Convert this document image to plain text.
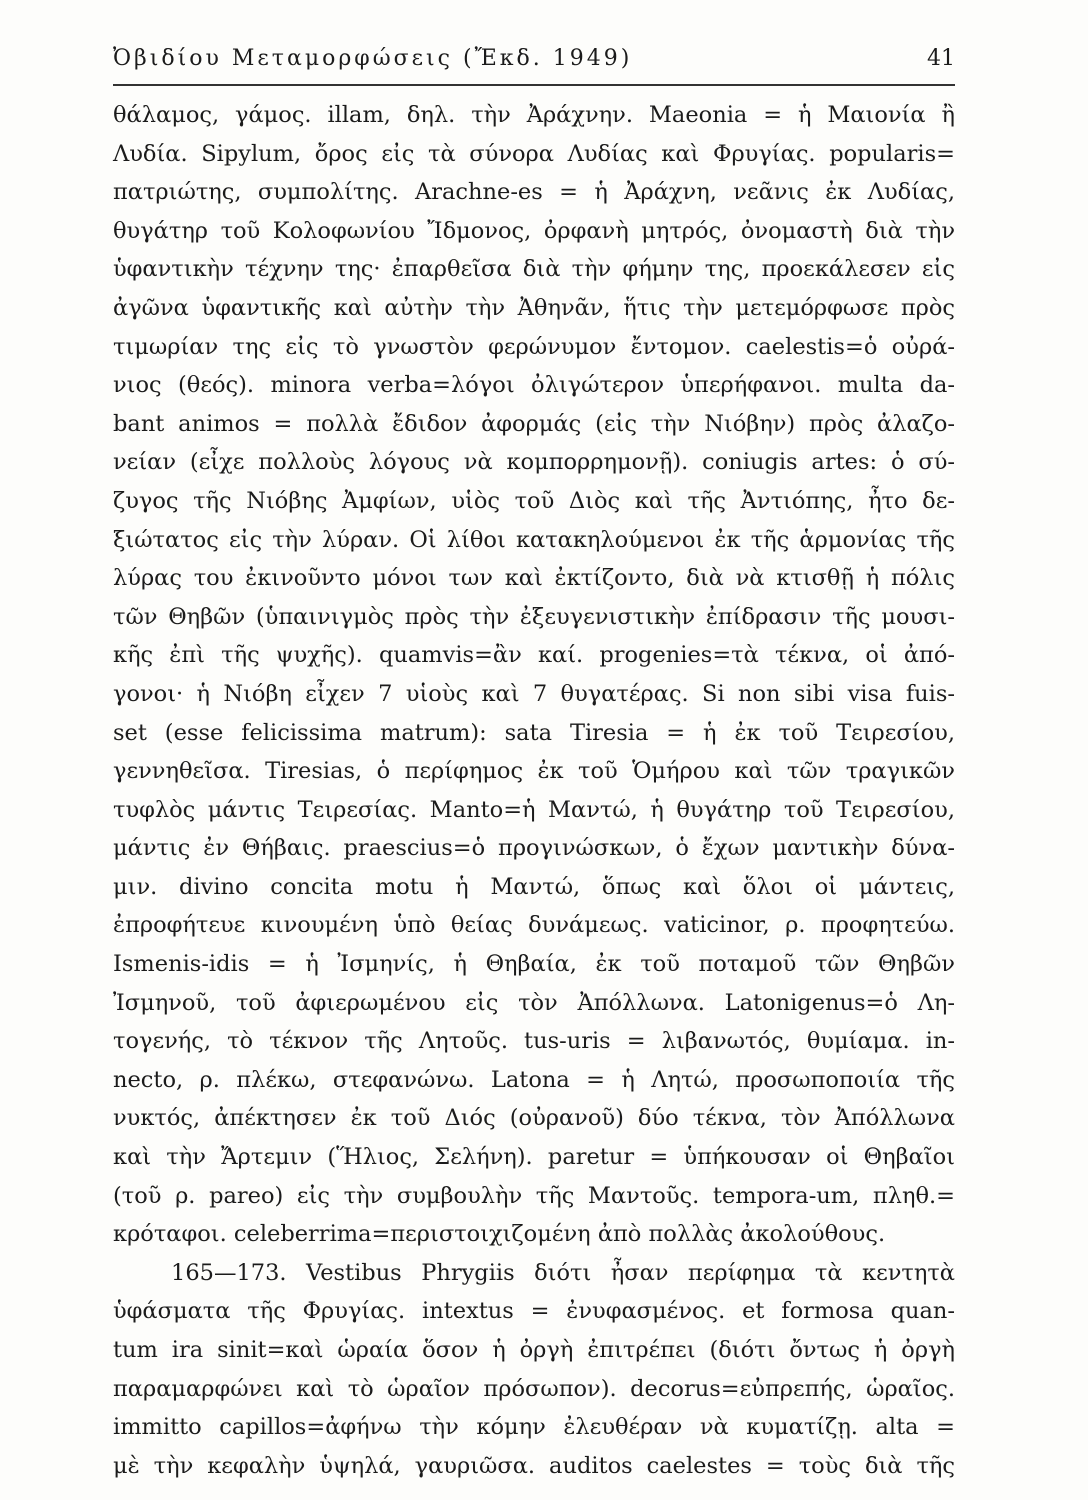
Ὀβιδίου Μεταμορφώσεις (Ἔκδ. 1949)	41
θάλαμος, γάμος. illam, δηλ. τὴν Ἀράχνην. Maeonia = ἡ Μαιονία ἢ
Λυδία. Sipylum, ὄρος εἰς τὰ σύνορα Λυδίας καὶ Φρυγίας. popularis=
πατριώτης, συμπολίτης. Arachne-es = ἡ Ἀράχνη, νεᾶνις ἐκ Λυδίας,
θυγάτηρ τοῦ Κολοφωνίου Ἴδμονος, ὀρφανὴ μητρός, ὀνομαστὴ διὰ τὴν
ὑφαντικὴν τέχνην της· ἐπαρθεῖσα διὰ τὴν φήμην της, προεκάλεσεν εἰς
ἀγῶνα ὑφαντικῆς καὶ αὐτὴν τὴν Ἀθηνᾶν, ἥτις τὴν μετεμόρφωσε πρὸς
τιμωρίαν της εἰς τὸ γνωστὸν φερώνυμον ἔντομον. caelestis=ὁ οὐρά-
νιος (θεός). minora verba=λόγοι ὀλιγώτερον ὑπερήφανοι. multa da-
bant animos = πολλὰ ἔδιδον ἀφορμάς (εἰς τὴν Νιόβην) πρὸς ἀλαζο-
νείαν (εἶχε πολλοὺς λόγους νὰ κομπορρημονῇ). coniugis artes: ὁ σύ-
ζυγος τῆς Νιόβης Ἀμφίων, υἱὸς τοῦ Διὸς καὶ τῆς Ἀντιόπης, ἦτο δε-
ξιώτατος εἰς τὴν λύραν. Οἱ λίθοι κατακηλούμενοι ἐκ τῆς ἁρμονίας τῆς
λύρας του ἐκινοῦντο μόνοι των καὶ ἐκτίζοντο, διὰ νὰ κτισθῇ ἡ πόλις
τῶν Θηβῶν (ὑπαινιγμὸς πρὸς τὴν ἐξευγενιστικὴν ἐπίδρασιν τῆς μουσι-
κῆς ἐπὶ τῆς ψυχῆς). quamvis=ἂν καί. progenies=τὰ τέκνα, οἱ ἀπό-
γονοι· ἡ Νιόβη εἶχεν 7 υἱοὺς καὶ 7 θυγατέρας. Si non sibi visa fuis-
set (esse felicissima matrum): sata Tiresia = ἡ ἐκ τοῦ Τειρεσίου,
γεννηθεῖσα. Tiresias, ὁ περίφημος ἐκ τοῦ Ὁμήρου καὶ τῶν τραγικῶν
τυφλὸς μάντις Τειρεσίας. Manto=ἡ Μαντώ, ἡ θυγάτηρ τοῦ Τειρεσίου,
μάντις ἐν Θήβαις. praescius=ὁ προγινώσκων, ὁ ἔχων μαντικὴν δύνα-
μιν. divino concita motu ἡ Μαντώ, ὅπως καὶ ὅλοι οἱ μάντεις,
ἐπροφήτευε κινουμένη ὑπὸ θείας δυνάμεως. vaticinor, ρ. προφητεύω.
Ismenis-idis = ἡ Ἰσμηνίς, ἡ Θηβαία, ἐκ τοῦ ποταμοῦ τῶν Θηβῶν
Ἰσμηνοῦ, τοῦ ἀφιερωμένου εἰς τὸν Ἀπόλλωνα. Latonigenus=ὁ Λη-
τογενής, τὸ τέκνον τῆς Λητοῦς. tus-uris = λιβανωτός, θυμίαμα. in-
necto, ρ. πλέκω, στεφανώνω. Latona = ἡ Λητώ, προσωποποιία τῆς
νυκτός, ἀπέκτησεν ἐκ τοῦ Διός (οὐρανοῦ) δύο τέκνα, τὸν Ἀπόλλωνα
καὶ τὴν Ἄρτεμιν (Ἥλιος, Σελήνη). paretur = ὑπήκουσαν οἱ Θηβαῖοι
(τοῦ ρ. pareo) εἰς τὴν συμβουλὴν τῆς Μαντοῦς. tempora-um, πληθ.=
κρόταφοι. celeberrima=περιστοιχιζομένη ἀπὸ πολλὰς ἀκολούθους.
165—173. Vestibus Phrygiis διότι ἦσαν περίφημα τὰ κεντητὰ
ὑφάσματα τῆς Φρυγίας. intextus = ἐνυφασμένος. et formosa quan-
tum ira sinit=καὶ ὡραία ὅσον ἡ ὀργὴ ἐπιτρέπει (διότι ὄντως ἡ ὀργὴ
παραμαρφώνει καὶ τὸ ὡραῖον πρόσωπον). decorus=εὐπρεπής, ὡραῖος.
immitto capillos=ἀφήνω τὴν κόμην ἐλευθέραν νὰ κυματίζῃ. alta =
μὲ τὴν κεφαλὴν ὑψηλά, γαυριῶσα. auditos caelestes = τοὺς διὰ τῆς
